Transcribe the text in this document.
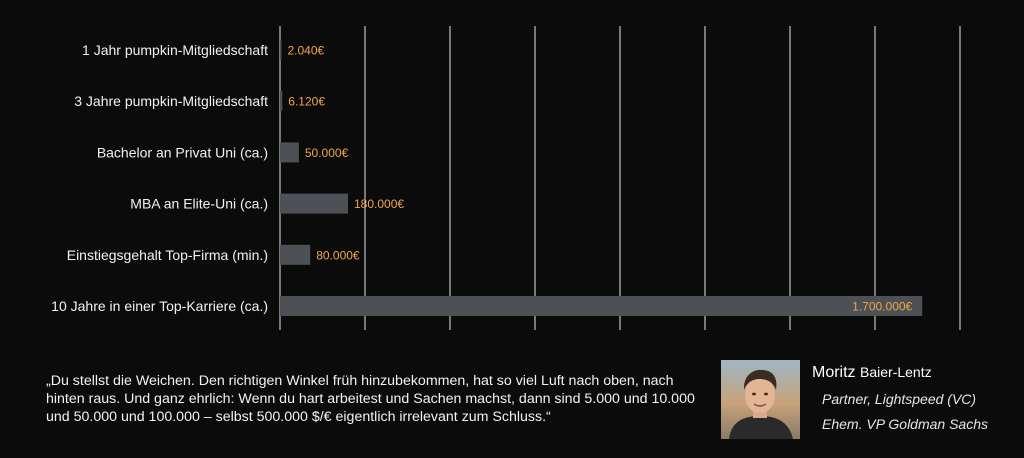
1 Jahr pumpkin-Mitgliedschaft 2.040€
3 Jahre pumpkin-Mitgliedschaft 6.120€
Bachelor an Privat Uni (ca.)	50.000€
MBA an Elite-Uni (ca.)	180.000€
Einstiegsgehalt Top-Firma (min.)	80.000€
10 Jahre in einer Top-Karriere (ca.)	1.700.000€
„Du stellst die Weichen. Den richtigen Winkel früh hinzubekommen, hat so viel Luft nach oben, nach hinten raus. Und ganz ehrlich: Wenn du hart arbeitest und Sachen machst, dann sind 5.000 und 10.000 und 50.000 und 100.000 – selbst 500.000 $/€ eigentlich irrelevant zum Schluss.“
Moritz Baier-Lentz
Partner, Lightspeed (VC)
Ehem. VP Goldman Sachs
